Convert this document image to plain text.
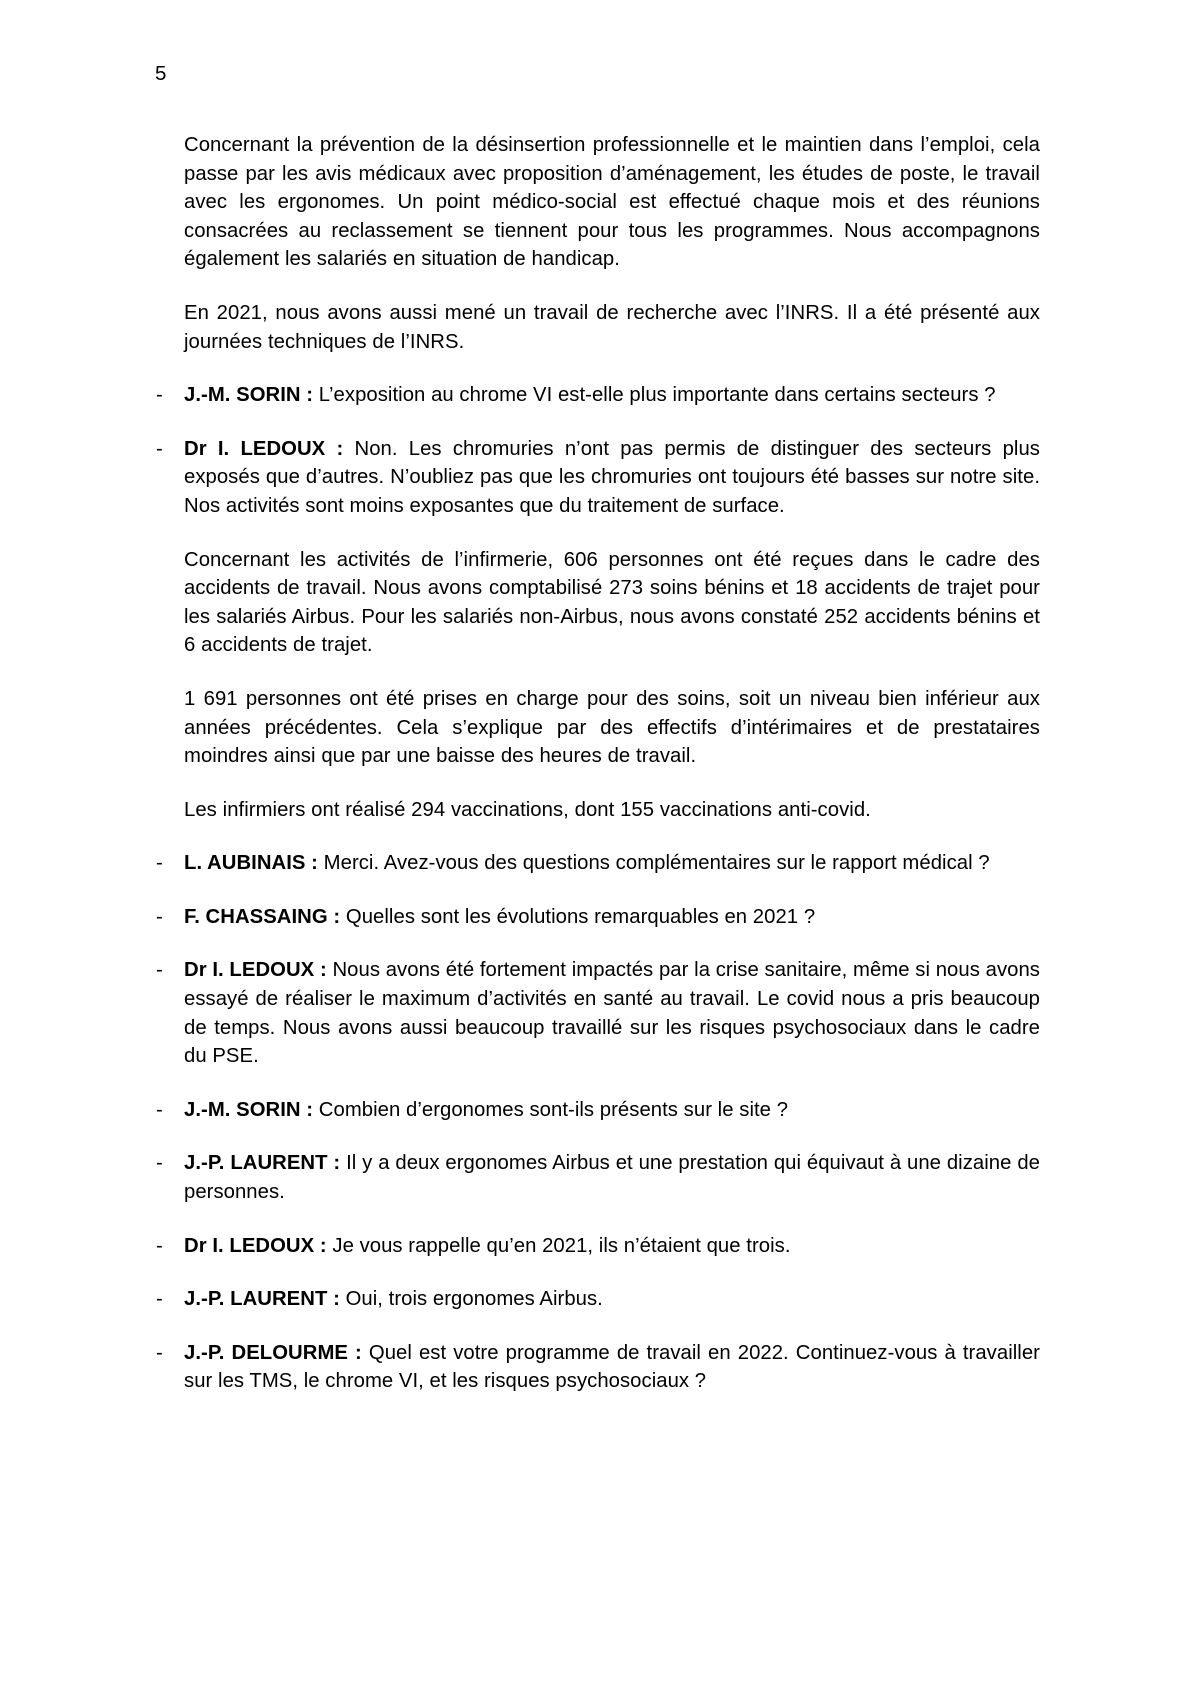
5

Concernant la prévention de la désinsertion professionnelle et le maintien dans l’emploi, cela passe par les avis médicaux avec proposition d’aménagement, les études de poste, le travail avec les ergonomes. Un point médico-social est effectué chaque mois et des réunions consacrées au reclassement se tiennent pour tous les programmes. Nous accompagnons également les salariés en situation de handicap.

En 2021, nous avons aussi mené un travail de recherche avec l’INRS. Il a été présenté aux journées techniques de l’INRS.

-	J.-M. SORIN : L’exposition au chrome VI est-elle plus importante dans certains secteurs ?
-	Dr I. LEDOUX : Non. Les chromuries n’ont pas permis de distinguer des secteurs plus exposés que d’autres. N’oubliez pas que les chromuries ont toujours été basses sur notre site. Nos activités sont moins exposantes que du traitement de surface.

Concernant les activités de l’infirmerie, 606 personnes ont été reçues dans le cadre des accidents de travail. Nous avons comptabilisé 273 soins bénins et 18 accidents de trajet pour les salariés Airbus. Pour les salariés non-Airbus, nous avons constaté 252 accidents bénins et 6 accidents de trajet.

1 691 personnes ont été prises en charge pour des soins, soit un niveau bien inférieur aux années précédentes. Cela s’explique par des effectifs d’intérimaires et de prestataires moindres ainsi que par une baisse des heures de travail.

Les infirmiers ont réalisé 294 vaccinations, dont 155 vaccinations anti-covid.

-	L. AUBINAIS : Merci. Avez-vous des questions complémentaires sur le rapport médical ?
-	F. CHASSAING : Quelles sont les évolutions remarquables en 2021 ?
-	Dr I. LEDOUX : Nous avons été fortement impactés par la crise sanitaire, même si nous avons essayé de réaliser le maximum d’activités en santé au travail. Le covid nous a pris beaucoup de temps. Nous avons aussi beaucoup travaillé sur les risques psychosociaux dans le cadre du PSE.
-	J.-M. SORIN : Combien d’ergonomes sont-ils présents sur le site ?
-	J.-P. LAURENT : Il y a deux ergonomes Airbus et une prestation qui équivaut à une dizaine de personnes.
-	Dr I. LEDOUX : Je vous rappelle qu’en 2021, ils n’étaient que trois.
-	J.-P. LAURENT : Oui, trois ergonomes Airbus.
-	J.-P. DELOURME : Quel est votre programme de travail en 2022. Continuez-vous à travailler sur les TMS, le chrome VI, et les risques psychosociaux ?
